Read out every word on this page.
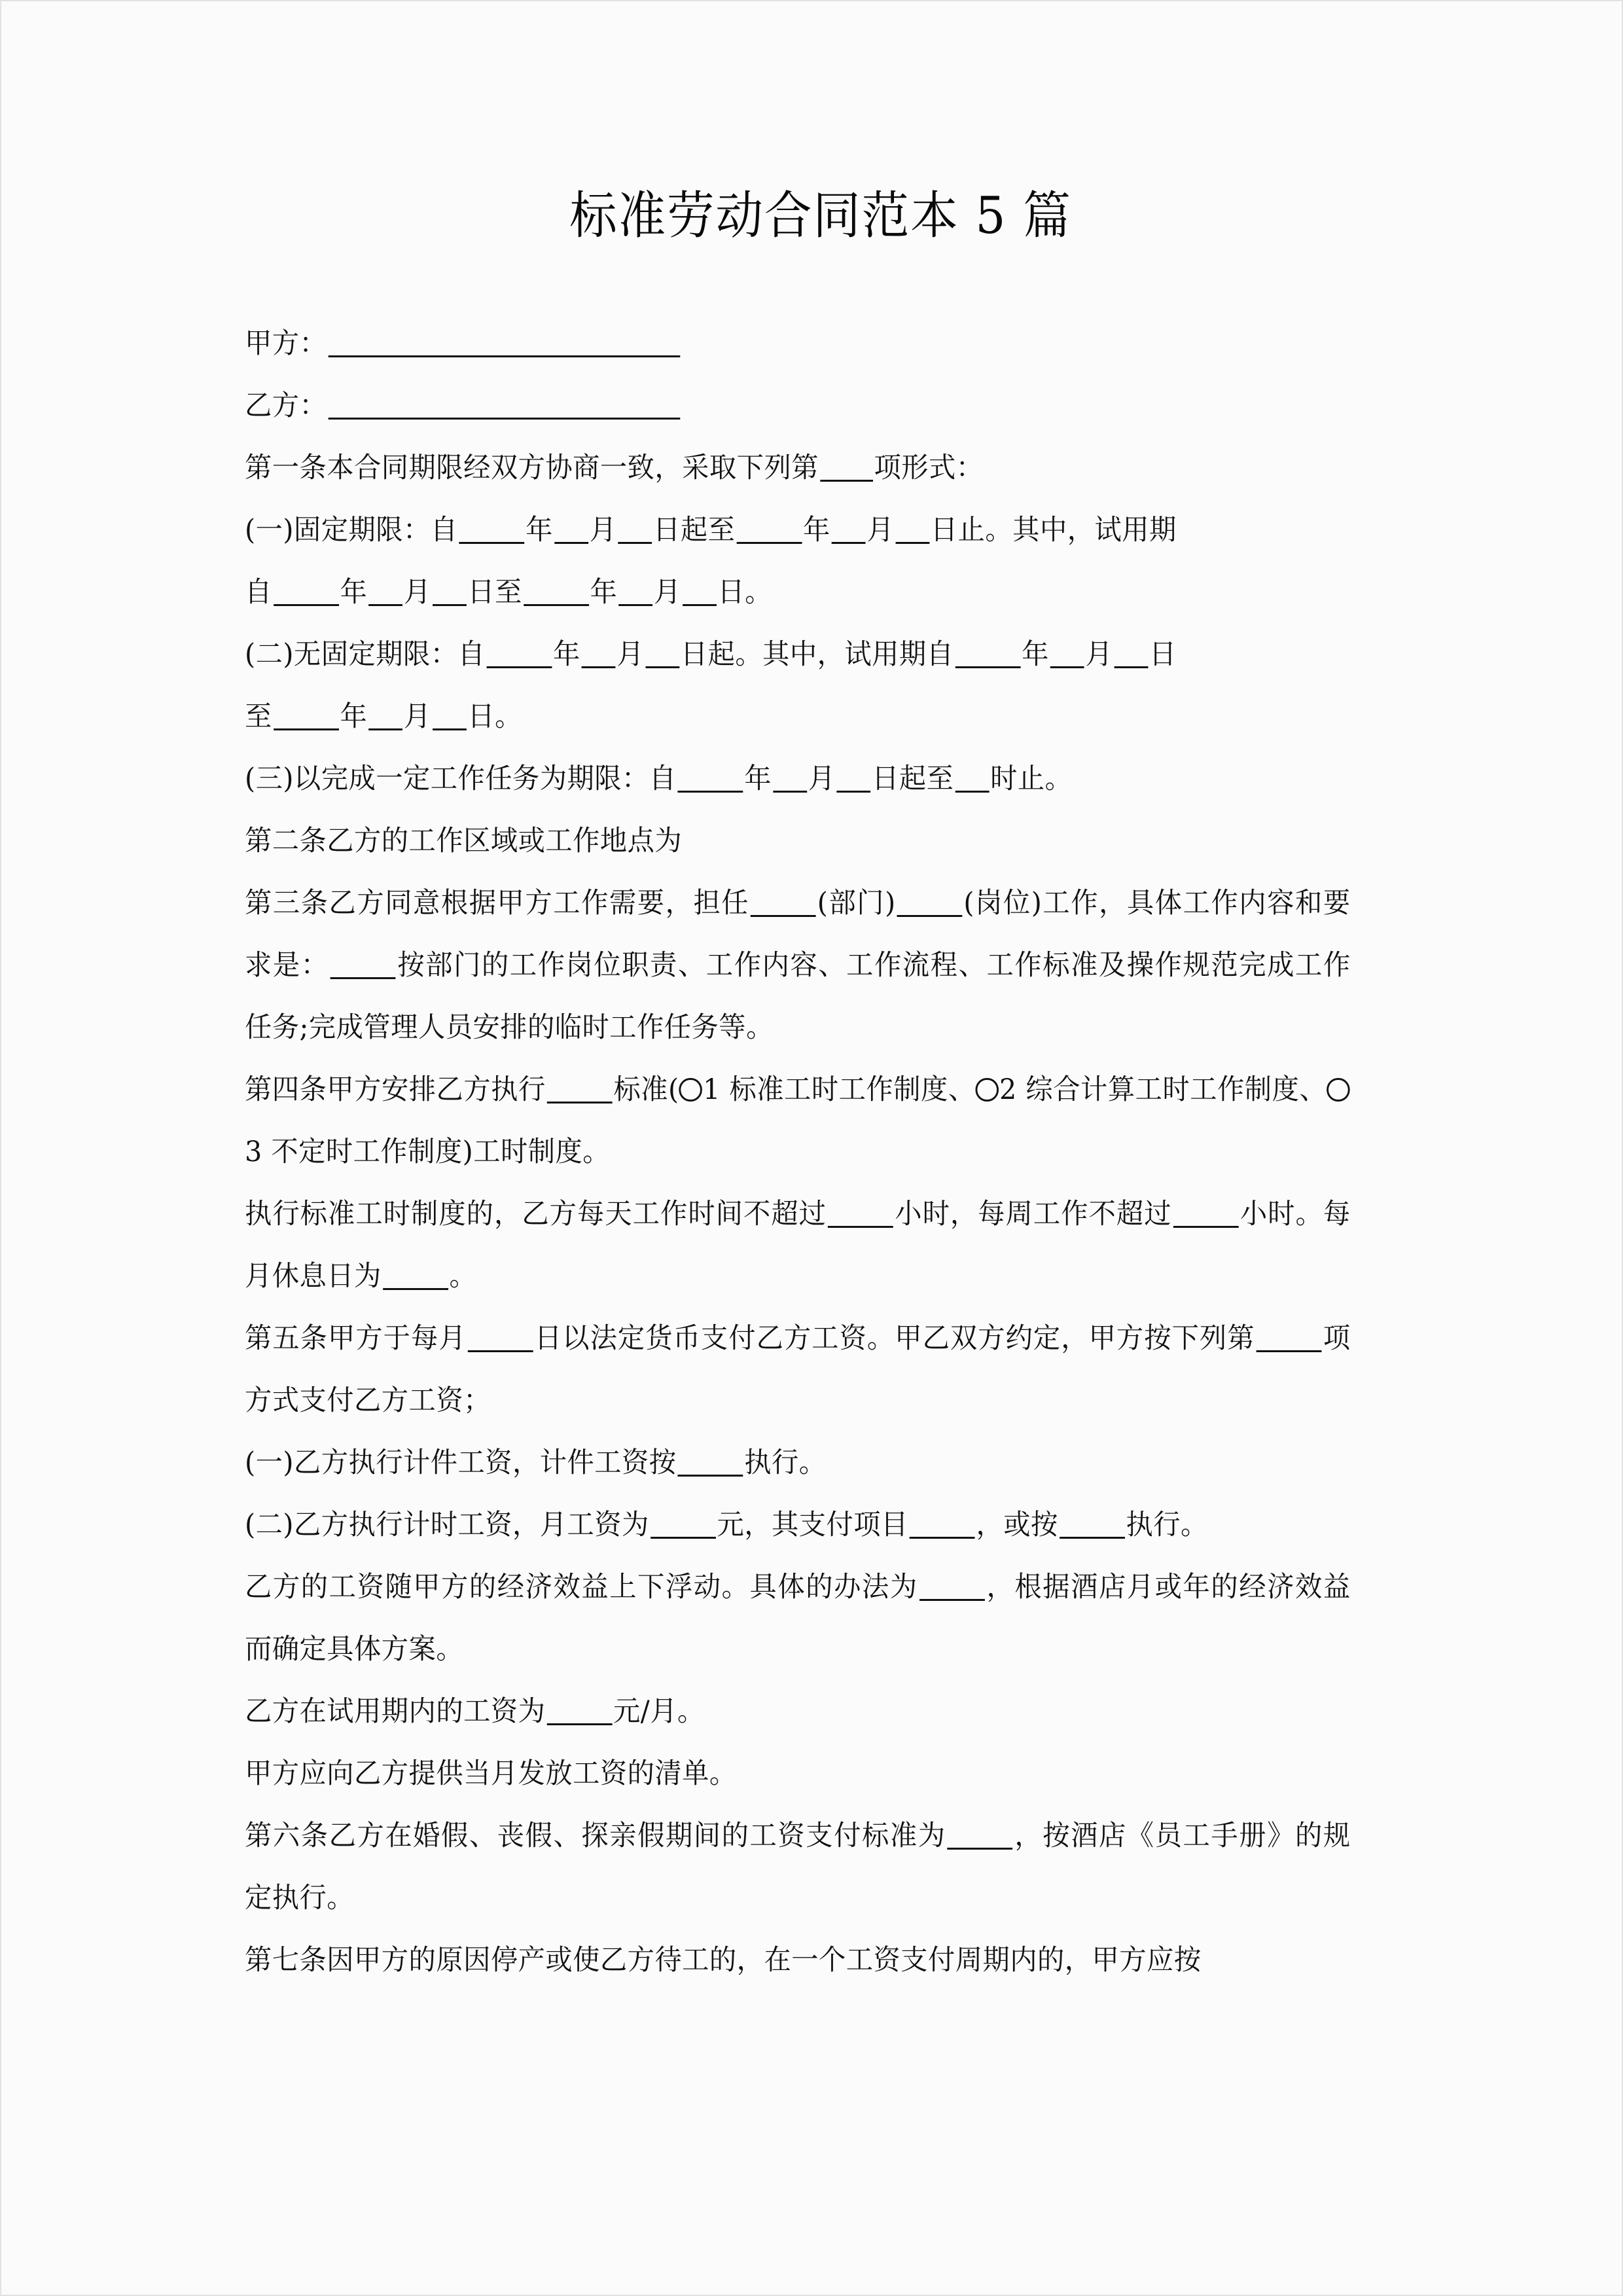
标准劳动合同范本 5 篇

甲方：

乙方：

第一条本合同期限经双方协商一致，采取下列第 项形式：

(一)固定期限：自 年 月 日起至 年 月 日止。其中，试用期

自 年 月 日至 年 月 日。

(二)无固定期限：自 年 月 日起。其中，试用期自 年 月 日

至 年 月 日。

(三)以完成一定工作任务为期限：自 年 月 日起至 时止。

第二条乙方的工作区域或工作地点为

第三条乙方同意根据甲方工作需要，担任 (部门) (岗位)工作，具体工作内容和要求是： 按部门的工作岗位职责、工作内容、工作流程、工作标准及操作规范完成工作任务;完成管理人员安排的临时工作任务等。

第四条甲方安排乙方执行 标准( 1 标准工时工作制度、 2 综合计算工时工作制度、3 不定时工作制度)工时制度。

执行标准工时制度的，乙方每天工作时间不超过 小时，每周工作不超过 小时。每月休息日为 。

第五条甲方于每月 日以法定货币支付乙方工资。甲乙双方约定，甲方按下列第 项方式支付乙方工资；

(一)乙方执行计件工资，计件工资按 执行。

(二)乙方执行计时工资，月工资为 元，其支付项目 ，或按 执行。

乙方的工资随甲方的经济效益上下浮动。具体的办法为 ，根据酒店月或年的经济效益而确定具体方案。

乙方在试用期内的工资为 元/月。

甲方应向乙方提供当月发放工资的清单。

第六条乙方在婚假、丧假、探亲假期间的工资支付标准为 ，按酒店《员工手册》的规定执行。

第七条因甲方的原因停产或使乙方待工的，在一个工资支付周期内的，甲方应按
